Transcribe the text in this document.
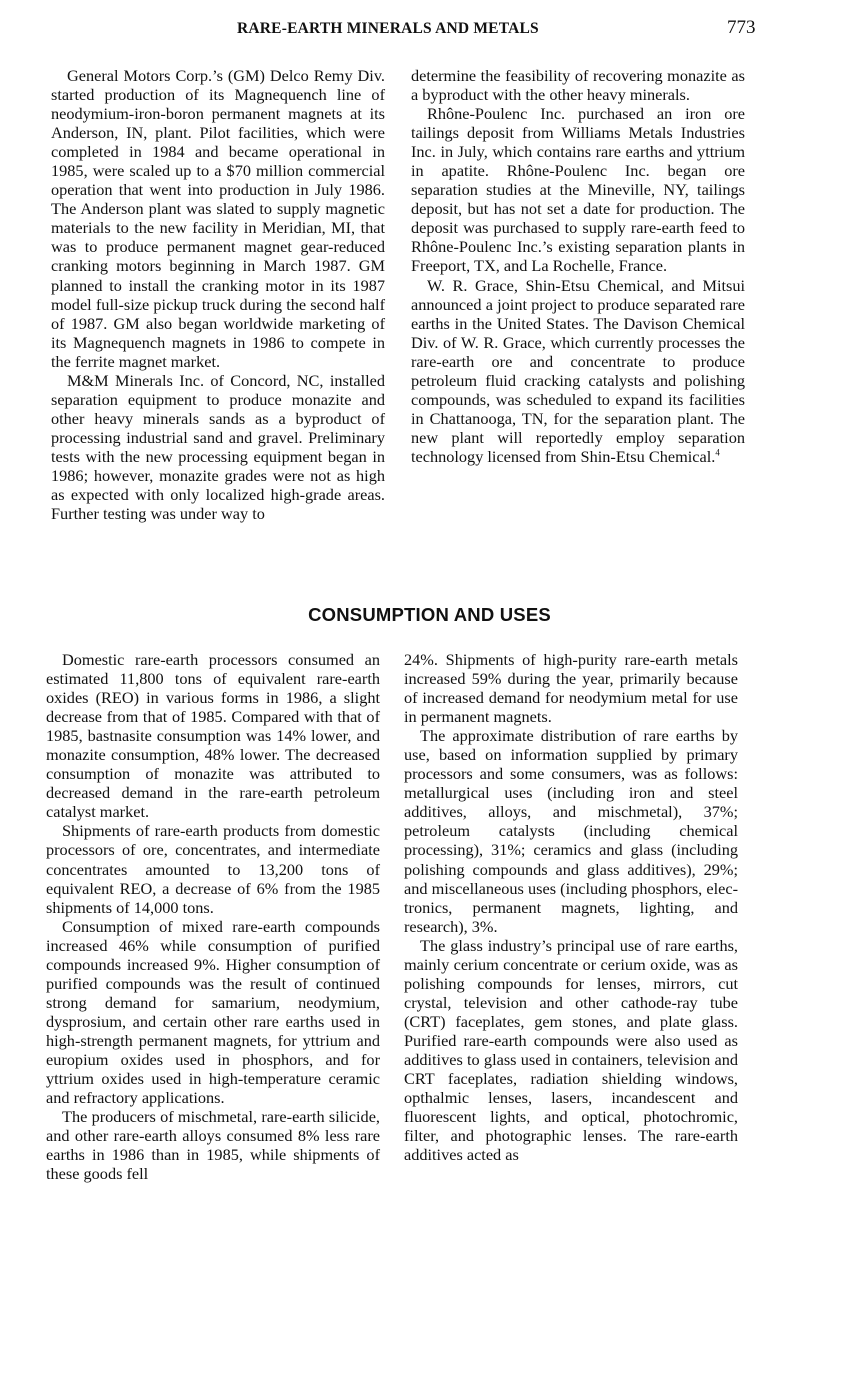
RARE-EARTH MINERALS AND METALS	773

General Motors Corp.’s (GM) Delco Remy Div. started production of its Magnequench line of neodymium-iron-boron permanent magnets at its Anderson, IN, plant. Pilot facilities, which were completed in 1984 and became operational in 1985, were scaled up to a $70 million commercial operation that went into production in July 1986. The Anderson plant was slated to supply magnetic materials to the new facility in Meridian, MI, that was to produce permanent magnet gear-reduced cranking motors beginning in March 1987. GM planned to install the cranking motor in its 1987 model full-size pickup truck during the second half of 1987. GM also began worldwide marketing of its Magnequench magnets in 1986 to compete in the ferrite magnet market.

M&M Minerals Inc. of Concord, NC, installed separation equipment to produce monazite and other heavy minerals sands as a byproduct of processing industrial sand and gravel. Preliminary tests with the new processing equipment began in 1986; however, monazite grades were not as high as expected with only localized high-grade areas. Further testing was under way to

determine the feasibility of recovering monazite as a byproduct with the other heavy minerals.

Rhône-Poulenc Inc. purchased an iron ore tailings deposit from Williams Metals Industries Inc. in July, which contains rare earths and yttrium in apatite. Rhône-Poulenc Inc. began ore separation studies at the Mineville, NY, tailings deposit, but has not set a date for production. The deposit was purchased to supply rare-earth feed to Rhône-Poulenc Inc.’s existing separation plants in Freeport, TX, and La Rochelle, France.

W. R. Grace, Shin-Etsu Chemical, and Mitsui announced a joint project to produce separated rare earths in the United States. The Davison Chemical Div. of W. R. Grace, which currently processes the rare-earth ore and concentrate to produce petroleum fluid cracking catalysts and polishing compounds, was scheduled to expand its facilities in Chattanooga, TN, for the separation plant. The new plant will reportedly employ separation technology licensed from Shin-Etsu Chemical.$^4$

CONSUMPTION AND USES

Domestic rare-earth processors consumed an estimated 11,800 tons of equivalent rare-earth oxides (REO) in various forms in 1986, a slight decrease from that of 1985. Compared with that of 1985, bastnasite consumption was 14% lower, and monazite consumption, 48% lower. The decreased consumption of monazite was attributed to decreased demand in the rare-earth petroleum catalyst market.

Shipments of rare-earth products from domestic processors of ore, concentrates, and intermediate concentrates amounted to 13,200 tons of equivalent REO, a decrease of 6% from the 1985 shipments of 14,000 tons.

Consumption of mixed rare-earth compounds increased 46% while consumption of purified compounds increased 9%. Higher consumption of purified compounds was the result of continued strong demand for samarium, neodymium, dysprosium, and certain other rare earths used in high-strength permanent magnets, for yttrium and europium oxides used in phosphors, and for yttrium oxides used in high-temperature ceramic and refractory applications.

The producers of mischmetal, rare-earth silicide, and other rare-earth alloys consumed 8% less rare earths in 1986 than in 1985, while shipments of these goods fell

24%. Shipments of high-purity rare-earth metals increased 59% during the year, primarily because of increased demand for neodymium metal for use in permanent magnets.

The approximate distribution of rare earths by use, based on information supplied by primary processors and some consumers, was as follows: metallurgical uses (including iron and steel additives, alloys, and mischmetal), 37%; petroleum catalysts (including chemical processing), 31%; ceramics and glass (including polishing compounds and glass additives), 29%; and miscellaneous uses (including phosphors, electronics, permanent magnets, lighting, and research), 3%.

The glass industry’s principal use of rare earths, mainly cerium concentrate or cerium oxide, was as polishing compounds for lenses, mirrors, cut crystal, television and other cathode-ray tube (CRT) faceplates, gem stones, and plate glass. Purified rare-earth compounds were also used as additives to glass used in containers, television and CRT faceplates, radiation shielding windows, opthalmic lenses, lasers, incandescent and fluorescent lights, and optical, photochromic, filter, and photographic lenses. The rare-earth additives acted as
